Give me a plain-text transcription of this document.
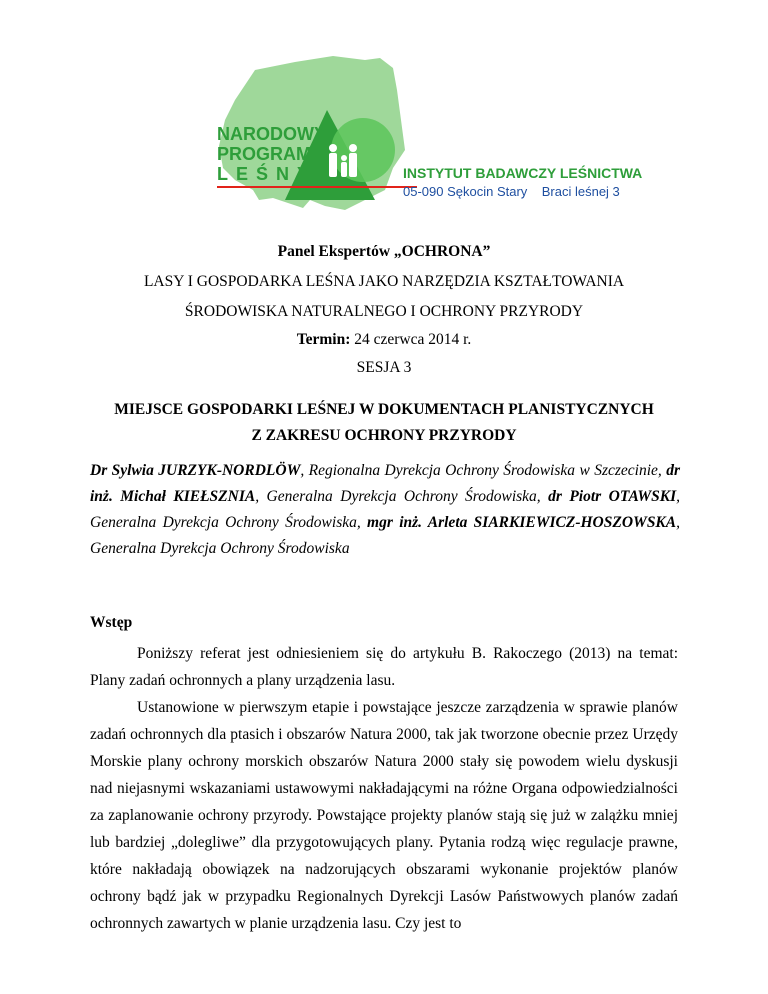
NARODOWY
PROGRAM
LEŚNY	INSTYTUT BADAWCZY LEŚNICTWA
05-090 Sękocin Stary    Braci leśnej 3
Panel Ekspertów „OCHRONA”
LASY I GOSPODARKA LEŚNA JAKO NARZĘDZIA KSZTAŁTOWANIA
ŚRODOWISKA NATURALNEGO I OCHRONY PRZYRODY
Termin: 24 czerwca 2014 r.
SESJA 3
MIEJSCE GOSPODARKI LEŚNEJ W DOKUMENTACH PLANISTYCZNYCH
Z ZAKRESU OCHRONY PRZYRODY
Dr Sylwia JURZYK-NORDLÖW, Regionalna Dyrekcja Ochrony Środowiska w Szczecinie, dr inż. Michał KIEŁSZNIA, Generalna Dyrekcja Ochrony Środowiska, dr Piotr OTAWSKI, Generalna Dyrekcja Ochrony Środowiska, mgr inż. Arleta SIARKIEWICZ-HOSZOWSKA, Generalna Dyrekcja Ochrony Środowiska
Wstęp
Poniższy referat jest odniesieniem się do artykułu B. Rakoczego (2013) na temat: Plany zadań ochronnych a plany urządzenia lasu.
Ustanowione w pierwszym etapie i powstające jeszcze zarządzenia w sprawie planów zadań ochronnych dla ptasich i obszarów Natura 2000, tak jak tworzone obecnie przez Urzędy Morskie plany ochrony morskich obszarów Natura 2000 stały się powodem wielu dyskusji nad niejasnymi wskazaniami ustawowymi nakładającymi na różne Organa odpowiedzialności za zaplanowanie ochrony przyrody. Powstające projekty planów stają się już w zalążku mniej lub bardziej „dolegliwe” dla przygotowujących plany. Pytania rodzą więc regulacje prawne, które nakładają obowiązek na nadzorujących obszarami wykonanie projektów planów ochrony bądź jak w przypadku Regionalnych Dyrekcji Lasów Państwowych planów zadań ochronnych zawartych w planie urządzenia lasu. Czy jest to
